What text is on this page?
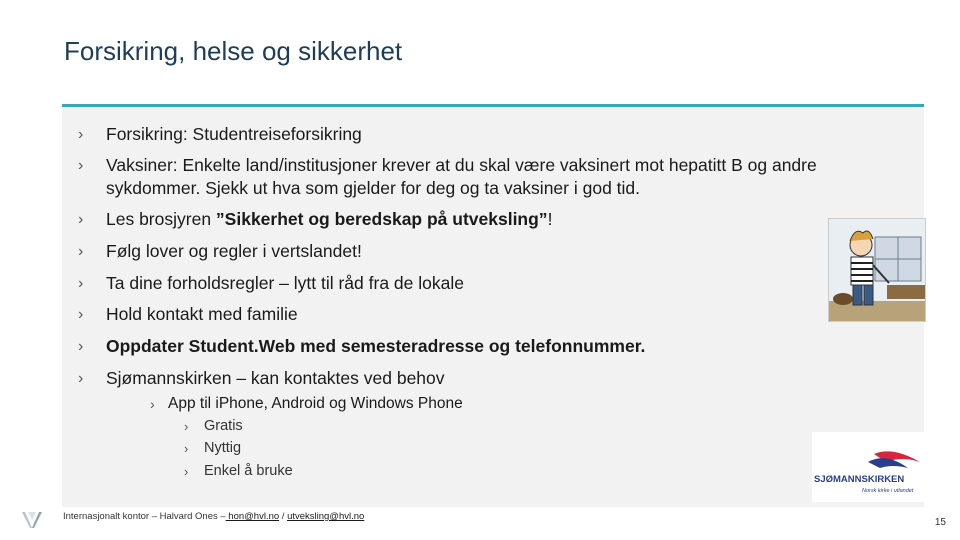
Forsikring, helse og sikkerhet
› Forsikring: Studentreiseforsikring
› Vaksiner: Enkelte land/institusjoner krever at du skal være vaksinert mot hepatitt B og andre sykdommer. Sjekk ut hva som gjelder for deg og ta vaksiner i god tid.
› Les brosjyren ”Sikkerhet og beredskap på utveksling”!
› Følg lover og regler i vertslandet!
› Ta dine forholdsregler – lytt til råd fra de lokale
› Hold kontakt med familie
› Oppdater Student.Web med semesteradresse og telefonnummer.
› Sjømannskirken – kan kontaktes ved behov
› App til iPhone, Android og Windows Phone
› Gratis
› Nyttig
› Enkel å bruke
SJØMANNSKIRKEN
Norsk kirke i utlandet
Internasjonalt kontor – Halvard Ones – hon@hvl.no / utveksling@hvl.no
15
